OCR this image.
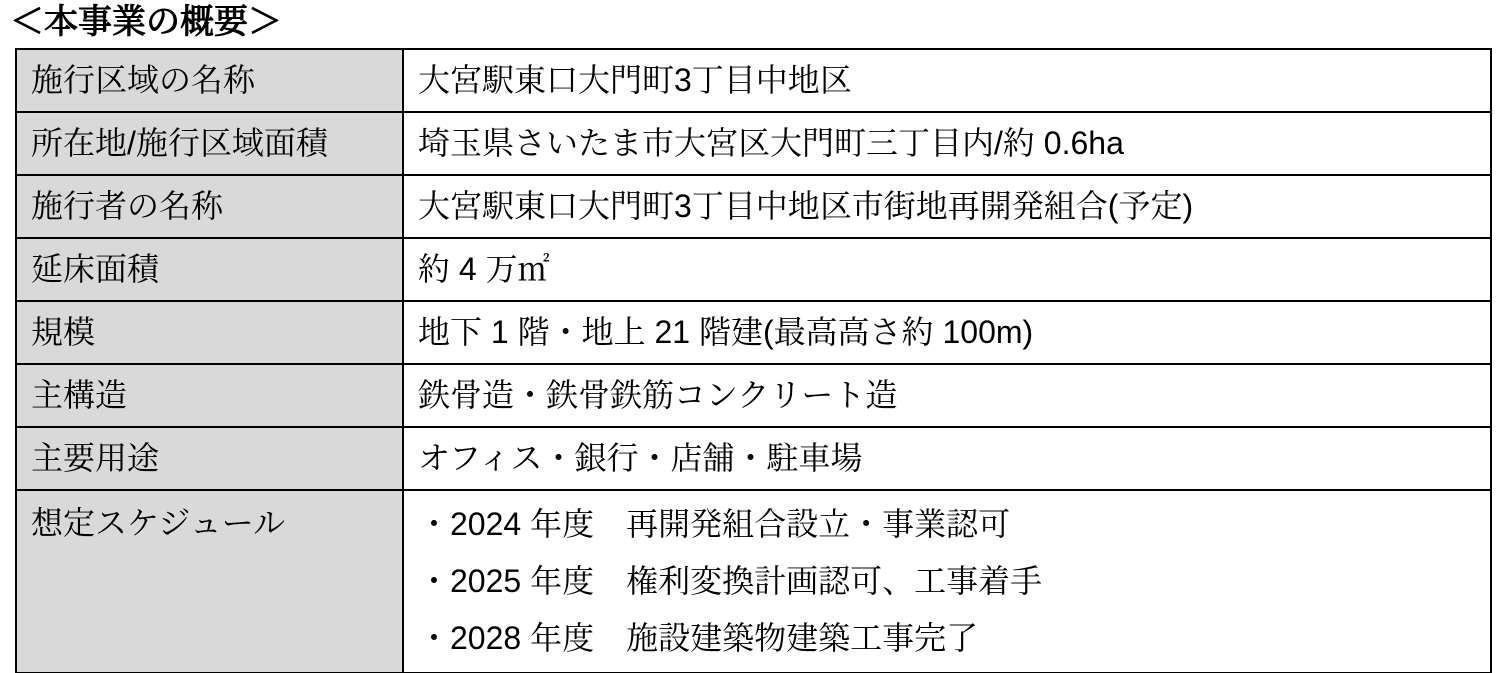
＜本事業の概要＞
施行区域の名称	大宮駅東口大門町3丁目中地区
所在地/施行区域面積	埼玉県さいたま市大宮区大門町三丁目内/約 0.6ha
施行者の名称	大宮駅東口大門町3丁目中地区市街地再開発組合(予定)
延床面積	約 4 万㎡
規模	地下 1 階・地上 21 階建(最高高さ約 100m)
主構造	鉄骨造・鉄骨鉄筋コンクリート造
主要用途	オフィス・銀行・店舗・駐車場
想定スケジュール	・2024 年度　再開発組合設立・事業認可
・2025 年度　権利変換計画認可、工事着手
・2028 年度　施設建築物建築工事完了
